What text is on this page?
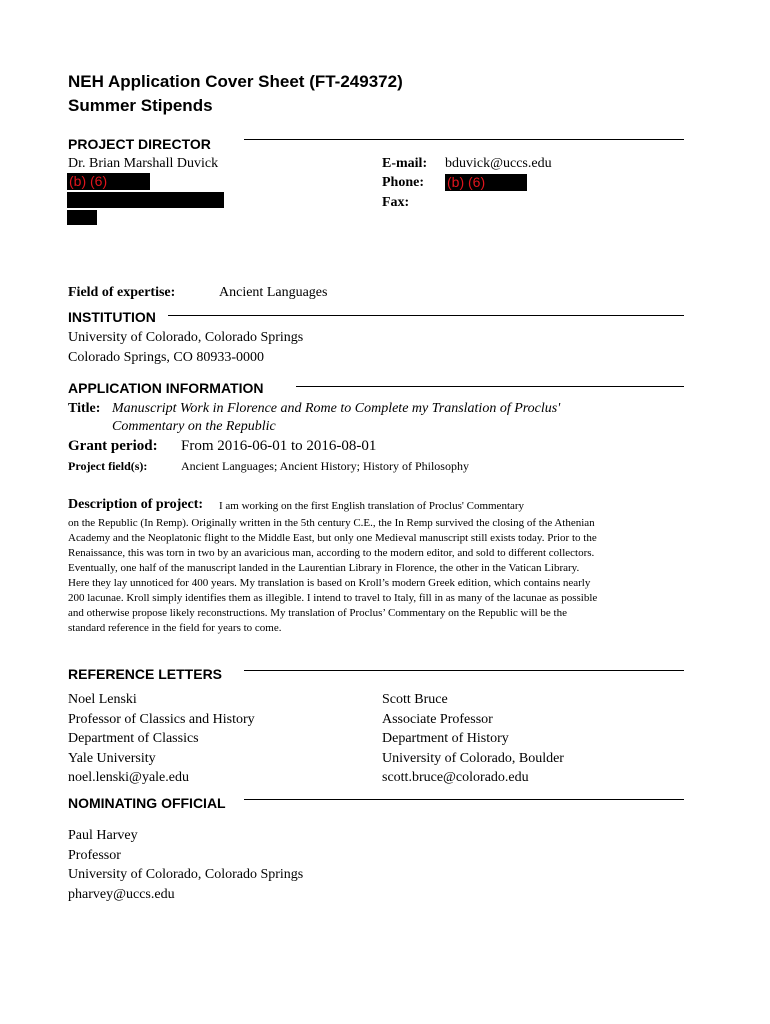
NEH Application Cover Sheet (FT-249372)
Summer Stipends
PROJECT DIRECTOR
Dr. Brian Marshall Duvick
(b) (6)
E-mail: bduvick@uccs.edu
Phone: (b) (6)
Fax:
Field of expertise:	Ancient Languages
INSTITUTION
University of Colorado, Colorado Springs
Colorado Springs, CO 80933-0000
APPLICATION INFORMATION
Title: Manuscript Work in Florence and Rome to Complete my Translation of Proclus'
Commentary on the Republic
Grant period: From 2016-06-01 to 2016-08-01
Project field(s):	Ancient Languages; Ancient History; History of Philosophy
Description of project: I am working on the first English translation of Proclus' Commentary
on the Republic (In Remp). Originally written in the 5th century C.E., the In Remp survived the closing of the Athenian
Academy and the Neoplatonic flight to the Middle East, but only one Medieval manuscript still exists today. Prior to the
Renaissance, this was torn in two by an avaricious man, according to the modern editor, and sold to different collectors.
Eventually, one half of the manuscript landed in the Laurentian Library in Florence, the other in the Vatican Library.
Here they lay unnoticed for 400 years. My translation is based on Kroll’s modern Greek edition, which contains nearly
200 lacunae. Kroll simply identifies them as illegible. I intend to travel to Italy, fill in as many of the lacunae as possible
and otherwise propose likely reconstructions. My translation of Proclus’ Commentary on the Republic will be the
standard reference in the field for years to come.
REFERENCE LETTERS
Noel Lenski
Professor of Classics and History
Department of Classics
Yale University
noel.lenski@yale.edu
Scott Bruce
Associate Professor
Department of History
University of Colorado, Boulder
scott.bruce@colorado.edu
NOMINATING OFFICIAL
Paul Harvey
Professor
University of Colorado, Colorado Springs
pharvey@uccs.edu
